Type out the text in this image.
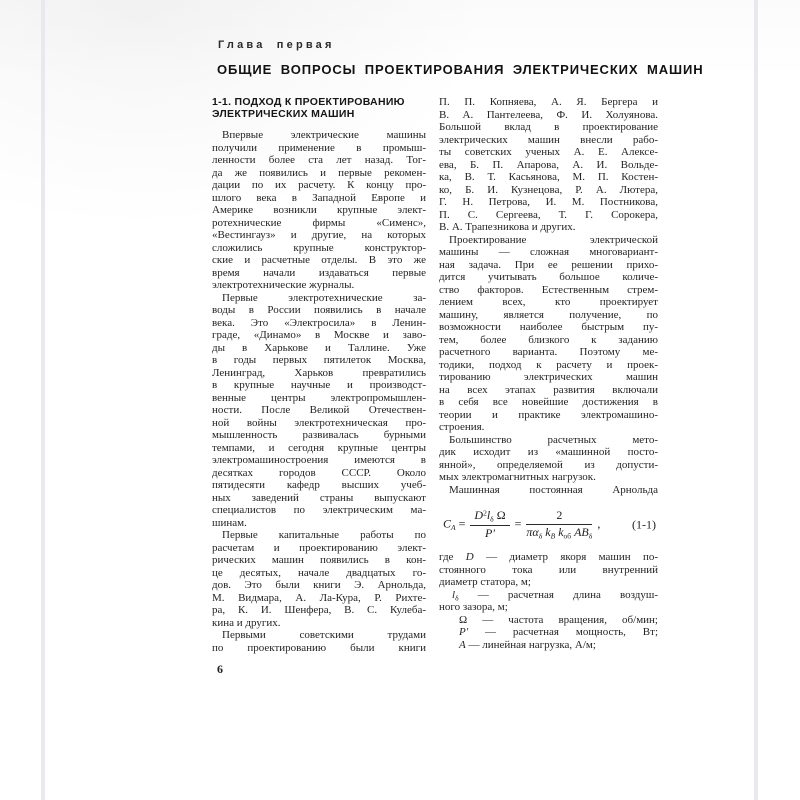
Глава первая
ОБЩИЕ ВОПРОСЫ ПРОЕКТИРОВАНИЯ ЭЛЕКТРИЧЕСКИХ МАШИН
1-1. ПОДХОД К ПРОЕКТИРОВАНИЮ
ЭЛЕКТРИЧЕСКИХ МАШИН
Впервые электрические машины
получили применение в промыш-
ленности более ста лет назад. Тог-
да же появились и первые рекомен-
дации по их расчету. К концу про-
шлого века в Западной Европе и
Америке возникли крупные элект-
ротехнические фирмы «Сименс»,
«Вестингауз» и другие, на которых
сложились крупные конструктор-
ские и расчетные отделы. В это же
время начали издаваться первые
электротехнические журналы.
Первые электротехнические за-
воды в России появились в начале
века. Это «Электросила» в Ленин-
граде, «Динамо» в Москве и заво-
ды в Харькове и Таллине. Уже
в годы первых пятилеток Москва,
Ленинград, Харьков превратились
в крупные научные и производст-
венные центры электропромышлен-
ности. После Великой Отечествен-
ной войны электротехническая про-
мышленность развивалась бурными
темпами, и сегодня крупные центры
электромашиностроения имеются в
десятках городов СССР. Около
пятидесяти кафедр высших учеб-
ных заведений страны выпускают
специалистов по электрическим ма-
шинам.
Первые капитальные работы по
расчетам и проектированию элект-
рических машин появились в кон-
це десятых, начале двадцатых го-
дов. Это были книги Э. Арнольда,
М. Видмара, А. Ла-Кура, Р. Рихте-
ра, К. И. Шенфера, В. С. Кулеба-
кина и других.
Первыми советскими трудами
по проектированию были книги
П. П. Копняева, А. Я. Бергера и
В. А. Пантелеева, Ф. И. Холуянова.
Большой вклад в проектирование
электрических машин внесли рабо-
ты советских ученых А. Е. Алексе-
ева, Б. П. Апарова, А. И. Вольде-
ка, В. Т. Касьянова, М. П. Костен-
ко, Б. И. Кузнецова, Р. А. Лютера,
Г. Н. Петрова, И. М. Постникова,
П. С. Сергеева, Т. Г. Сорокера,
В. А. Трапезникова и других.
Проектирование электрической
машины — сложная многовариант-
ная задача. При ее решении прихо-
дится учитывать большое количе-
ство факторов. Естественным стрем-
лением всех, кто проектирует
машину, является получение, по
возможности наиболее быстрым пу-
тем, более близкого к заданию
расчетного варианта. Поэтому ме-
тодики, подход к расчету и проек-
тированию электрических машин
на всех этапах развития включали
в себя все новейшие достижения в
теории и практике электромашино-
строения.
Большинство расчетных мето-
дик исходит из «машинной посто-
янной», определяемой из допусти-
мых электромагнитных нагрузок.
Машинная постоянная Арнольда
$C_A = \frac{D^2l_\delta \Omega}{P'} = \frac{2}{\pi\alpha_\delta k_B k_{об} AB_\delta}$ ,	(1-1)
где D — диаметр якоря машин по-
стоянного тока или внутренний
диаметр статора, м;
$l_\delta$ — расчетная длина воздуш-
ного зазора, м;
Ω — частота вращения, об/мин;
P′ — расчетная мощность, Вт;
A — линейная нагрузка, А/м;
6
